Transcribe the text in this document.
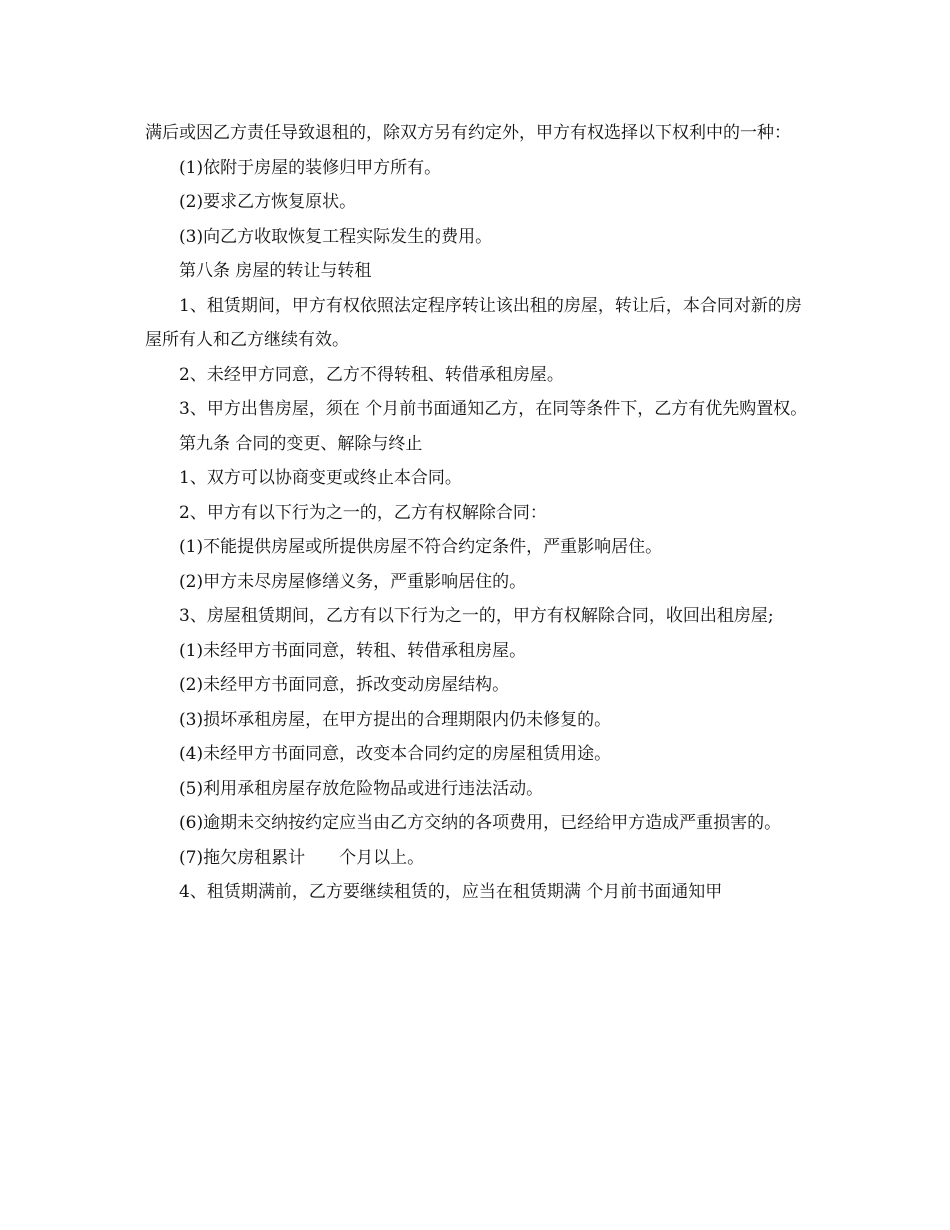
满后或因乙方责任导致退租的，除双方另有约定外，甲方有权选择以下权利中的一种：

(1)依附于房屋的装修归甲方所有。

(2)要求乙方恢复原状。

(3)向乙方收取恢复工程实际发生的费用。

第八条 房屋的转让与转租

1、租赁期间，甲方有权依照法定程序转让该出租的房屋，转让后，本合同对新的房屋所有人和乙方继续有效。

2、未经甲方同意，乙方不得转租、转借承租房屋。

3、甲方出售房屋，须在 个月前书面通知乙方，在同等条件下，乙方有优先购置权。

第九条 合同的变更、解除与终止

1、双方可以协商变更或终止本合同。

2、甲方有以下行为之一的，乙方有权解除合同：

(1)不能提供房屋或所提供房屋不符合约定条件，严重影响居住。

(2)甲方未尽房屋修缮义务，严重影响居住的。

3、房屋租赁期间，乙方有以下行为之一的，甲方有权解除合同，收回出租房屋;

(1)未经甲方书面同意，转租、转借承租房屋。

(2)未经甲方书面同意，拆改变动房屋结构。

(3)损坏承租房屋，在甲方提出的合理期限内仍未修复的。

(4)未经甲方书面同意，改变本合同约定的房屋租赁用途。

(5)利用承租房屋存放危险物品或进行违法活动。

(6)逾期未交纳按约定应当由乙方交纳的各项费用，已经给甲方造成严重损害的。

(7)拖欠房租累计　　个月以上。

4、租赁期满前，乙方要继续租赁的，应当在租赁期满 个月前书面通知甲
